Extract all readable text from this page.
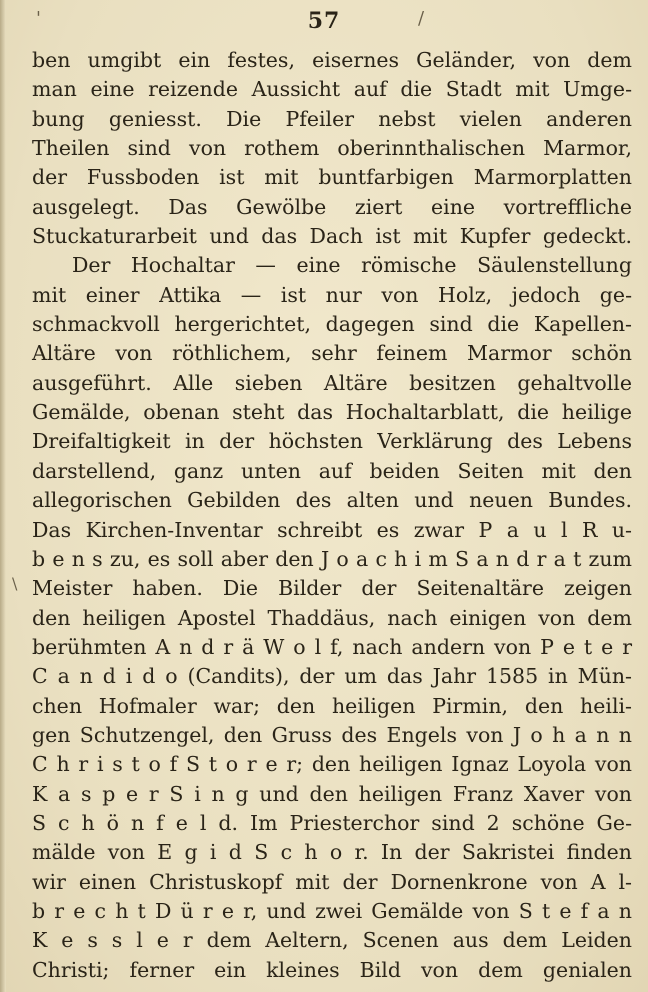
'	/
\
57
ben umgibt ein festes, eisernes Geländer, von dem
man eine reizende Aussicht auf die Stadt mit Umge-
bung geniesst. Die Pfeiler nebst vielen anderen
Theilen sind von rothem oberinnthalischen Marmor,
der Fussboden ist mit buntfarbigen Marmorplatten
ausgelegt. Das Gewölbe ziert eine vortreffliche
Stuckaturarbeit und das Dach ist mit Kupfer gedeckt.
Der Hochaltar — eine römische Säulenstellung
mit einer Attika — ist nur von Holz, jedoch ge-
schmackvoll hergerichtet, dagegen sind die Kapellen-
Altäre von röthlichem, sehr feinem Marmor schön
ausgeführt. Alle sieben Altäre besitzen gehaltvolle
Gemälde, obenan steht das Hochaltarblatt, die heilige
Dreifaltigkeit in der höchsten Verklärung des Lebens
darstellend, ganz unten auf beiden Seiten mit den
allegorischen Gebilden des alten und neuen Bundes.
Das Kirchen-Inventar schreibt es zwar P a u l R u-
b e n s zu, es soll aber den J o a c h i m S a n d r a t zum
Meister haben. Die Bilder der Seitenaltäre zeigen
den heiligen Apostel Thaddäus, nach einigen von dem
berühmten A n d r ä W o l f, nach andern von P e t e r
C a n d i d o (Candits), der um das Jahr 1585 in Mün-
chen Hofmaler war; den heiligen Pirmin, den heili-
gen Schutzengel, den Gruss des Engels von J o h a n n
C h r i s t o f S t o r e r; den heiligen Ignaz Loyola von
K a s p e r S i n g und den heiligen Franz Xaver von
S c h ö n f e l d. Im Priesterchor sind 2 schöne Ge-
mälde von E g i d S c h o r. In der Sakristei finden
wir einen Christuskopf mit der Dornenkrone von A l-
b r e c h t D ü r e r, und zwei Gemälde von S t e f a n
K e s s l e r dem Aeltern, Scenen aus dem Leiden
Christi; ferner ein kleines Bild von dem genialen
